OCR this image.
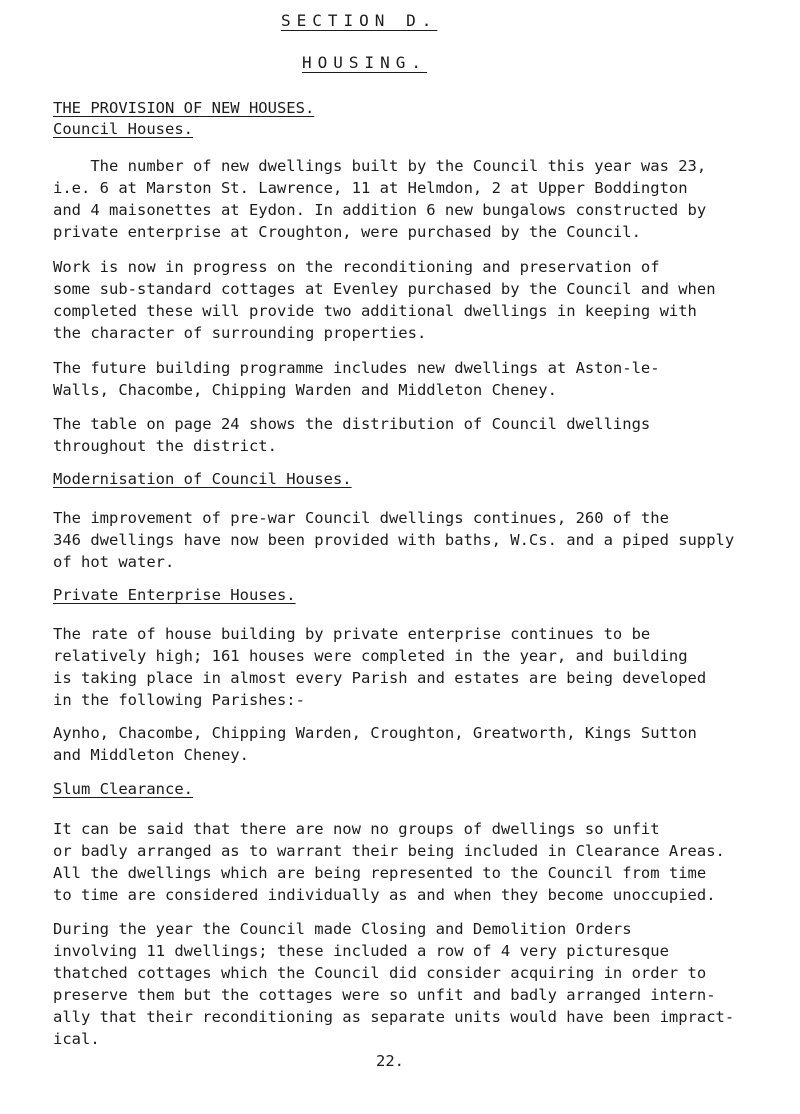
SECTION D.

HOUSING.

THE PROVISION OF NEW HOUSES.

Council Houses.

The number of new dwellings built by the Council this year was 23,
i.e. 6 at Marston St. Lawrence, 11 at Helmdon, 2 at Upper Boddington
and 4 maisonettes at Eydon. In addition 6 new bungalows constructed by
private enterprise at Croughton, were purchased by the Council.
Work is now in progress on the reconditioning and preservation of
some sub-standard cottages at Evenley purchased by the Council and when
completed these will provide two additional dwellings in keeping with
the character of surrounding properties.
The future building programme includes new dwellings at Aston-le-
Walls, Chacombe, Chipping Warden and Middleton Cheney.
The table on page 24 shows the distribution of Council dwellings
throughout the district.

Modernisation of Council Houses.

The improvement of pre-war Council dwellings continues, 260 of the
346 dwellings have now been provided with baths, W.Cs. and a piped supply
of hot water.

Private Enterprise Houses.

The rate of house building by private enterprise continues to be
relatively high; 161 houses were completed in the year, and building
is taking place in almost every Parish and estates are being developed
in the following Parishes:-
Aynho, Chacombe, Chipping Warden, Croughton, Greatworth, Kings Sutton
and Middleton Cheney.

Slum Clearance.

It can be said that there are now no groups of dwellings so unfit
or badly arranged as to warrant their being included in Clearance Areas.
All the dwellings which are being represented to the Council from time
to time are considered individually as and when they become unoccupied.
During the year the Council made Closing and Demolition Orders
involving 11 dwellings; these included a row of 4 very picturesque
thatched cottages which the Council did consider acquiring in order to
preserve them but the cottages were so unfit and badly arranged intern-
ally that their reconditioning as separate units would have been impract-
ical.

22.
